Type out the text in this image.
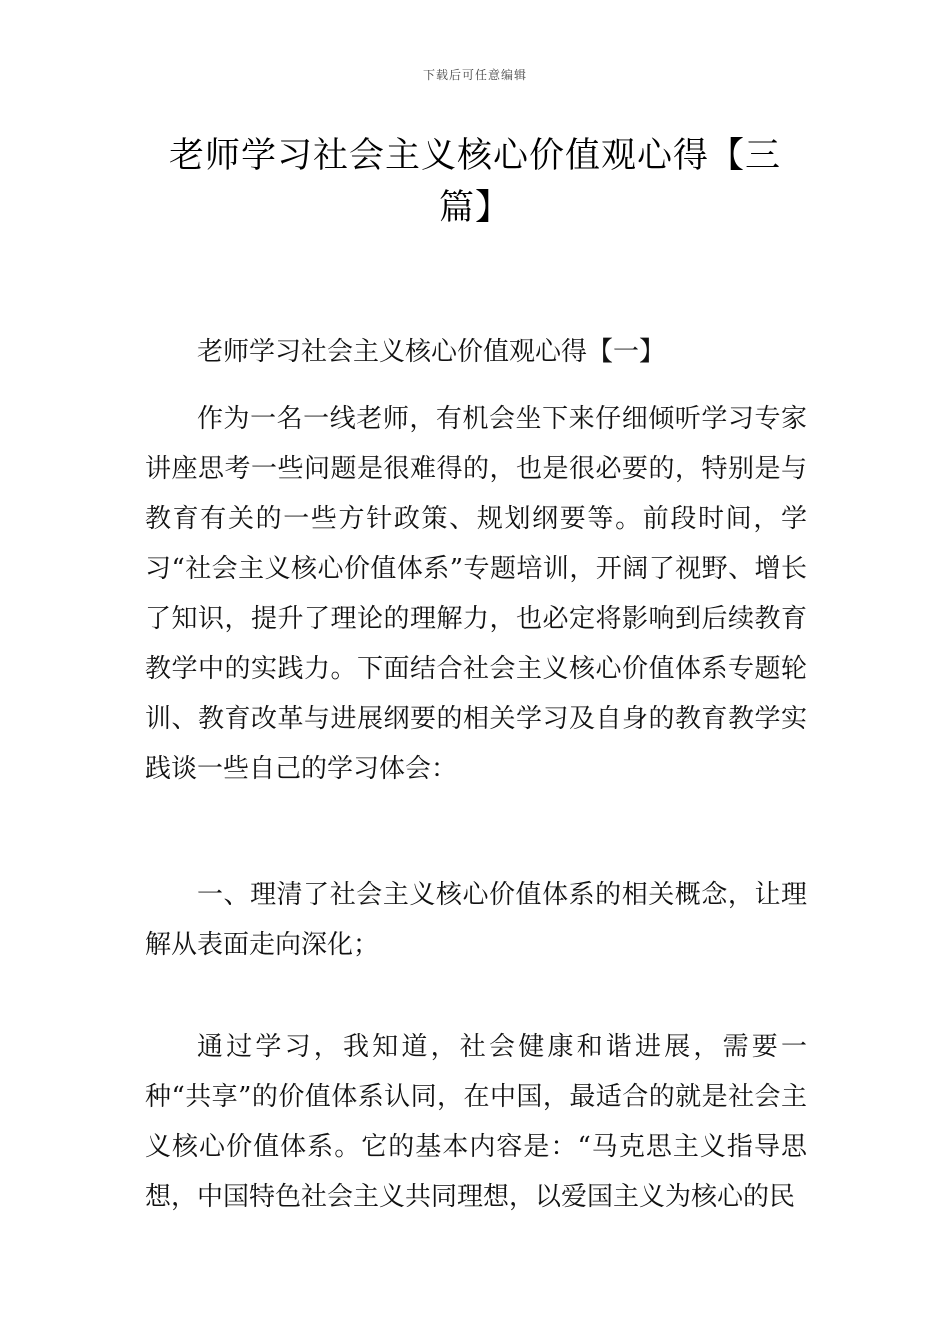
下载后可任意编辑
老师学习社会主义核心价值观心得【三篇】

老师学习社会主义核心价值观心得【一】

作为一名一线老师，有机会坐下来仔细倾听学习专家讲座思考一些问题是很难得的，也是很必要的，特别是与教育有关的一些方针政策、规划纲要等。前段时间，学习“社会主义核心价值体系”专题培训，开阔了视野、增长了知识，提升了理论的理解力，也必定将影响到后续教育教学中的实践力。下面结合社会主义核心价值体系专题轮训、教育改革与进展纲要的相关学习及自身的教育教学实践谈一些自己的学习体会：

一、理清了社会主义核心价值体系的相关概念，让理解从表面走向深化；

通过学习，我知道，社会健康和谐进展，需要一种“共享”的价值体系认同，在中国，最适合的就是社会主义核心价值体系。它的基本内容是：“马克思主义指导思想，中国特色社会主义共同理想，以爱国主义为核心的民
